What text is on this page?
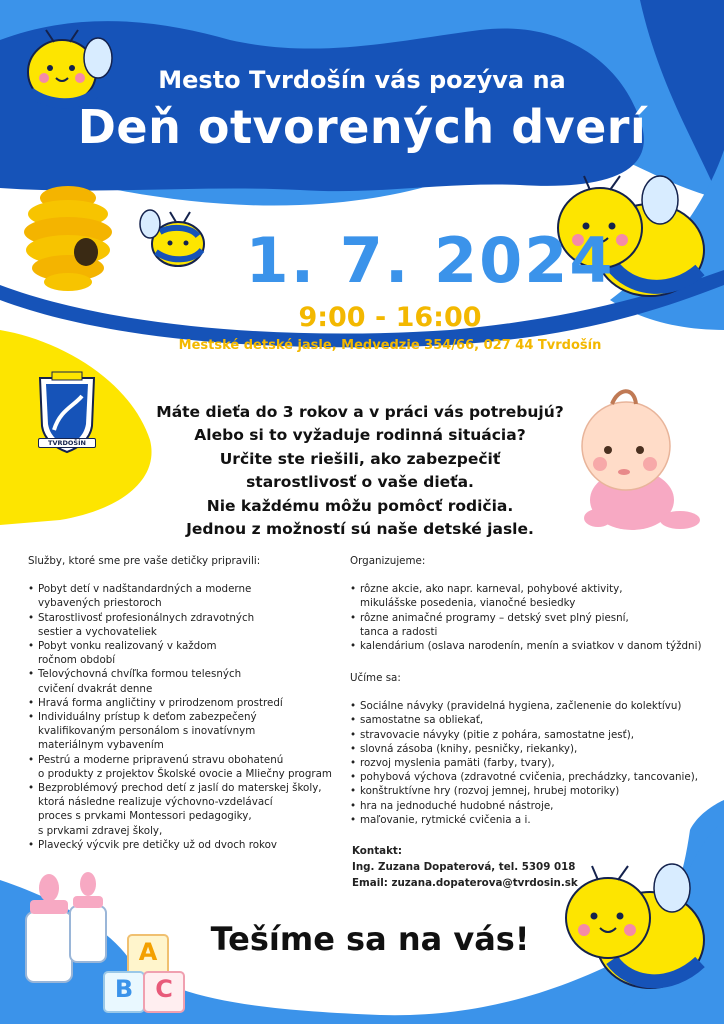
TVRDOŠÍN
Mesto Tvrdošín vás pozýva na
Deň otvorených dverí
1. 7. 2024
9:00 - 16:00
Mestské detské jasle, Medvedzie 354/66, 027 44 Tvrdošín
Máte dieťa do 3 rokov a v práci vás potrebujú?
Alebo si to vyžaduje rodinná situácia?
Určite ste riešili, ako zabezpečiť
starostlivosť o vaše dieťa.
Nie každému môžu pomôcť rodičia.
Jednou z možností sú naše detské jasle.
Služby, ktoré sme pre vaše detičky pripravili:
• Pobyt detí v nadštandardných a moderne
vybavených priestoroch
• Starostlivosť profesionálnych zdravotných
sestier a vychovateliek
• Pobyt vonku realizovaný v každom
ročnom období
• Telovýchovná chvíľka formou telesných
cvičení dvakrát denne
• Hravá forma angličtiny v prirodzenom prostredí
• Individuálny prístup k deťom zabezpečený
kvalifikovaným personálom s inovatívnym
materiálnym vybavením
• Pestrú a moderne pripravenú stravu obohatenú
o produkty z projektov Školské ovocie a Mliečny program
• Bezproblémový prechod detí z jaslí do materskej školy,
ktorá následne realizuje výchovno-vzdelávací
proces s prvkami Montessori pedagogiky,
s prvkami zdravej školy,
• Plavecký výcvik pre detičky už od dvoch rokov
Organizujeme:
• rôzne akcie, ako napr. karneval, pohybové aktivity,
mikulášske posedenia, vianočné besiedky
• rôzne animačné programy – detský svet plný piesní,
tanca a radosti
• kalendárium (oslava narodenín, menín a sviatkov v danom týždni)
Učíme sa:
• Sociálne návyky (pravidelná hygiena, začlenenie do kolektívu)
• samostatne sa obliekať,
• stravovacie návyky (pitie z pohára, samostatne jesť),
• slovná zásoba (knihy, pesničky, riekanky),
• rozvoj myslenia pamäti (farby, tvary),
• pohybová výchova (zdravotné cvičenia, prechádzky, tancovanie),
• konštruktívne hry (rozvoj jemnej, hrubej motoriky)
• hra na jednoduché hudobné nástroje,
• maľovanie, rytmické cvičenia a i.
Kontakt:
Ing. Zuzana Dopaterová, tel. 5309 018
Email: zuzana.dopaterova@tvrdosin.sk
A
B C
Tešíme sa na vás!
